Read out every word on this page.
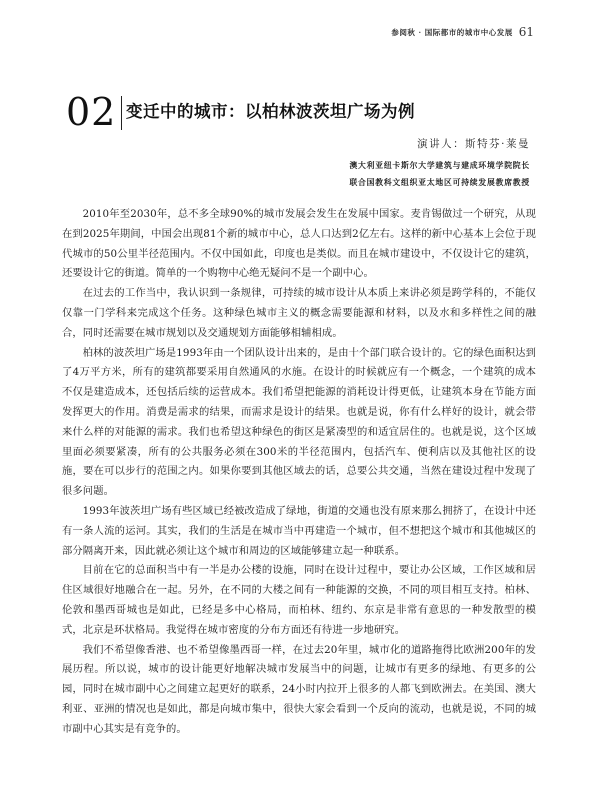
参阅秋 · 国际都市的城市中心发展 61
02 变迁中的城市：以柏林波茨坦广场为例
演讲人：斯特芬·莱曼
澳大利亚纽卡斯尔大学建筑与建成环境学院院长
联合国教科文组织亚太地区可持续发展教席教授

2010年至2030年，总不多全球90%的城市发展会发生在发展中国家。麦肯锡做过一个研究，从现在到2025年期间，中国会出现81个新的城市中心，总人口达到2亿左右。这样的新中心基本上会位于现代城市的50公里半径范围内。不仅中国如此，印度也是类似。而且在城市建设中，不仅设计它的建筑，还要设计它的街道。简单的一个购物中心绝无疑问不是一个副中心。

在过去的工作当中，我认识到一条规律，可持续的城市设计从本质上来讲必须是跨学科的，不能仅仅靠一门学科来完成这个任务。这种绿色城市主义的概念需要能源和材料，以及水和多样性之间的融合，同时还需要在城市规划以及交通规划方面能够相辅相成。

柏林的波茨坦广场是1993年由一个团队设计出来的，是由十个部门联合设计的。它的绿色面积达到了4万平方米，所有的建筑都要采用自然通风的水施。在设计的时候就应有一个概念，一个建筑的成本不仅是建造成本，还包括后续的运营成本。我们希望把能源的消耗设计得更低，让建筑本身在节能方面发挥更大的作用。消费是需求的结果，而需求是设计的结果。也就是说，你有什么样好的设计，就会带来什么样的对能源的需求。我们也希望这种绿色的街区是紧凑型的和适宜居住的。也就是说，这个区域里面必须要紧凑，所有的公共服务必须在300米的半径范围内，包括汽车、便利店以及其他社区的设施，要在可以步行的范围之内。如果你要到其他区域去的话，总要公共交通，当然在建设过程中发现了很多问题。

1993年波茨坦广场有些区域已经被改造成了绿地，街道的交通也没有原来那么拥挤了，在设计中还有一条人流的运河。其实，我们的生活是在城市当中再建造一个城市，但不想把这个城市和其他城区的部分隔离开来，因此就必须让这个城市和周边的区域能够建立起一种联系。

目前在它的总面积当中有一半是办公楼的设施，同时在设计过程中，要让办公区域，工作区域和居住区域很好地融合在一起。另外，在不同的大楼之间有一种能源的交换，不同的项目相互支持。柏林、伦敦和墨西哥城也是如此，已经是多中心格局，而柏林、纽约、东京是非常有意思的一种发散型的模式，北京是环状格局。我觉得在城市密度的分布方面还有待进一步地研究。

我们不希望像香港、也不希望像墨西哥一样，在过去20年里，城市化的道路拖得比欧洲200年的发展历程。所以说，城市的设计能更好地解决城市发展当中的问题，让城市有更多的绿地、有更多的公园，同时在城市副中心之间建立起更好的联系，24小时内拉开上很多的人都飞到欧洲去。在美国、澳大利亚、亚洲的情况也是如此，都是向城市集中，很快大家会看到一个反向的流动，也就是说，不同的城市副中心其实是有竞争的。
